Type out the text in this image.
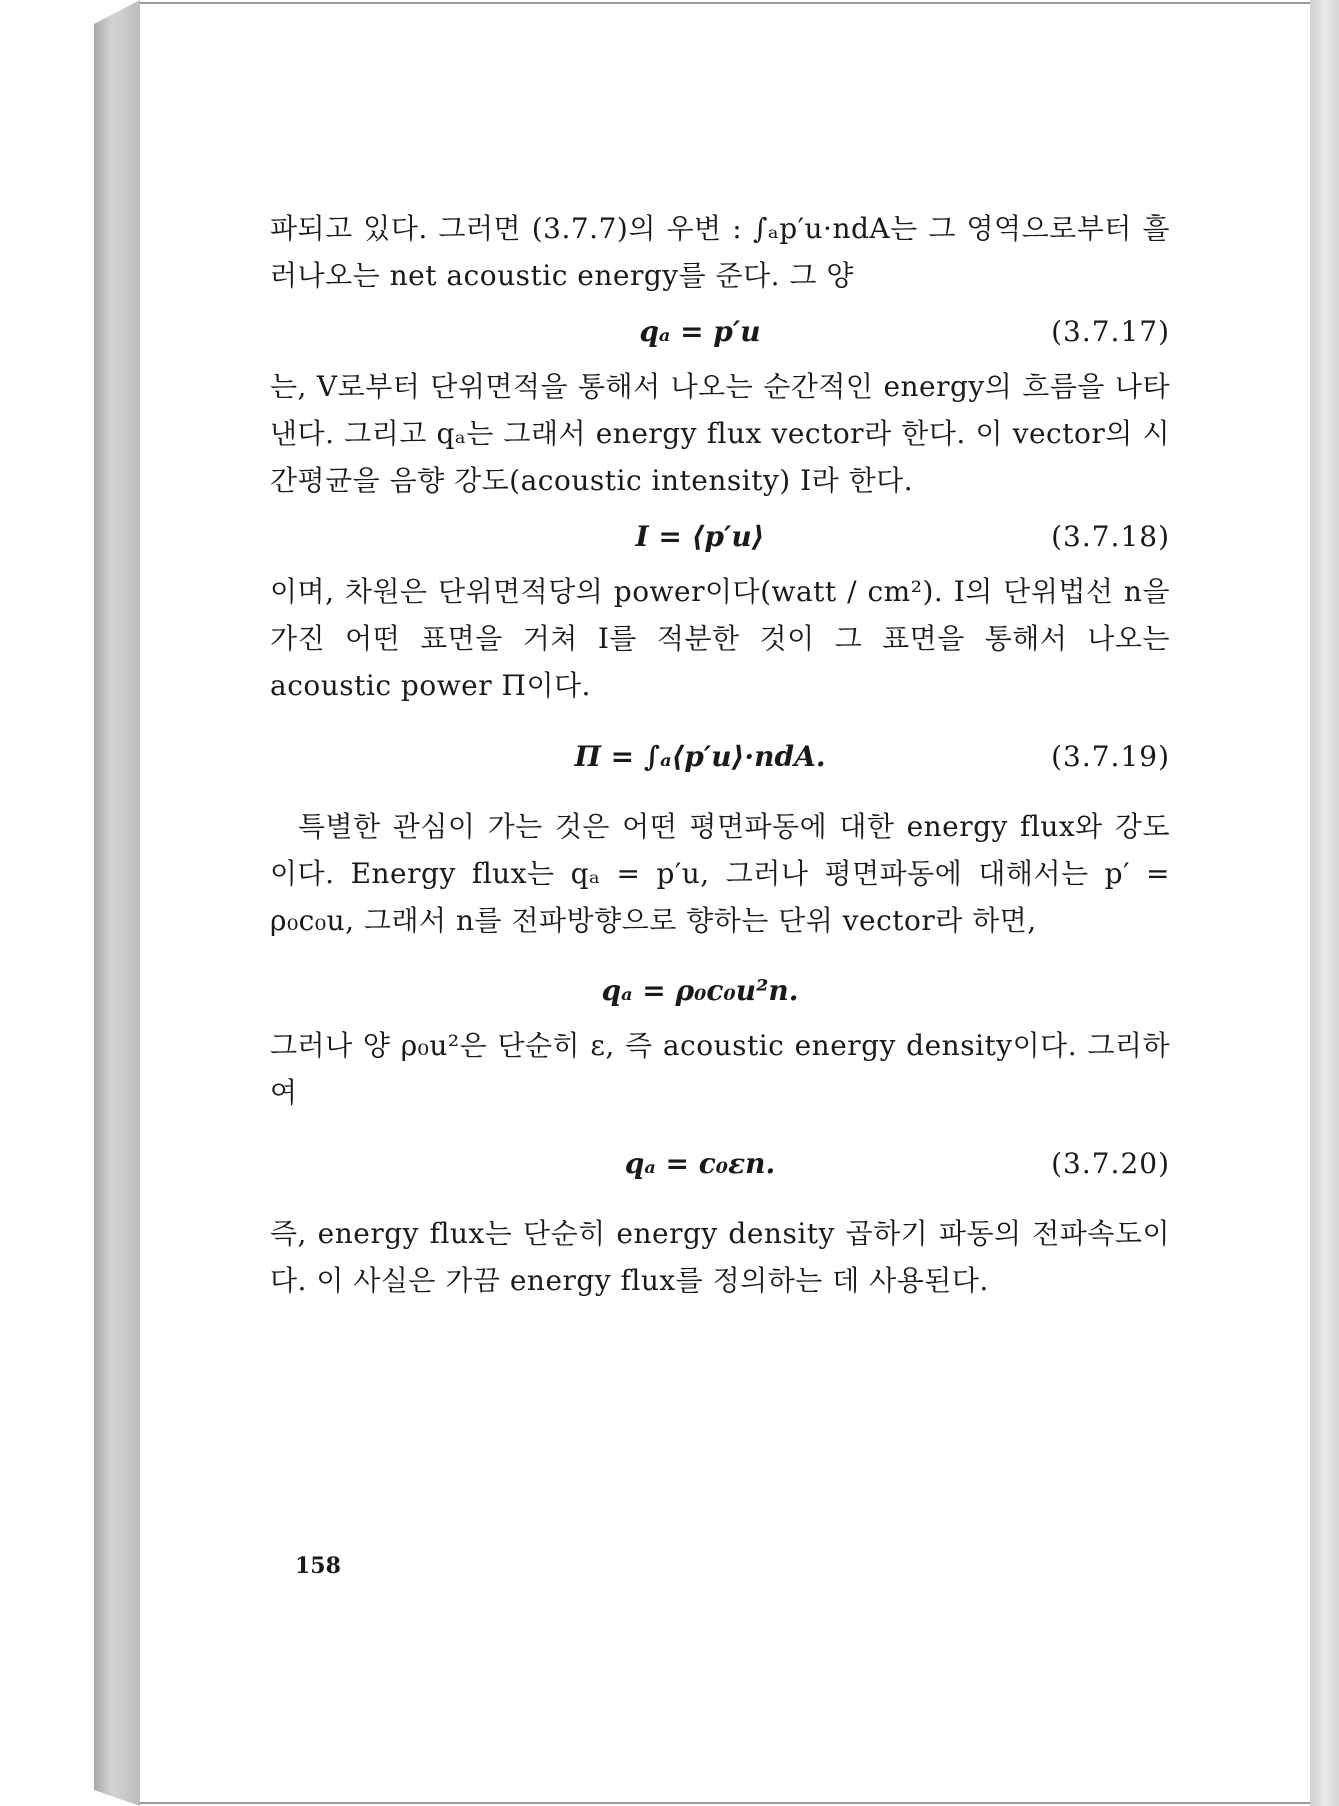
파되고 있다. 그러면 (3.7.7)의 우변 : ∫ₐp′u·ndA는 그 영역으로부터 흘러나오는 net acoustic energy를 준다. 그 양

qₐ = p′u	(3.7.17)

는, V로부터 단위면적을 통해서 나오는 순간적인 energy의 흐름을 나타낸다. 그리고 qₐ는 그래서 energy flux vector라 한다. 이 vector의 시간평균을 음향 강도(acoustic intensity) I라 한다.

I = ⟨p′u⟩	(3.7.18)

이며, 차원은 단위면적당의 power이다(watt / cm²). I의 단위법선 n을 가진 어떤 표면을 거쳐 I를 적분한 것이 그 표면을 통해서 나오는 acoustic power Π이다.

Π = ∫ₐ⟨p′u⟩·ndA.	(3.7.19)

특별한 관심이 가는 것은 어떤 평면파동에 대한 energy flux와 강도이다. Energy flux는 qₐ = p′u, 그러나 평면파동에 대해서는 p′ = ρ₀c₀u, 그래서 n를 전파방향으로 향하는 단위 vector라 하면,

qₐ = ρ₀c₀u²n.

그러나 양 ρ₀u²은 단순히 ε, 즉 acoustic energy density이다. 그리하여

qₐ = c₀εn.	(3.7.20)

즉, energy flux는 단순히 energy density 곱하기 파동의 전파속도이다. 이 사실은 가끔 energy flux를 정의하는 데 사용된다.

158
